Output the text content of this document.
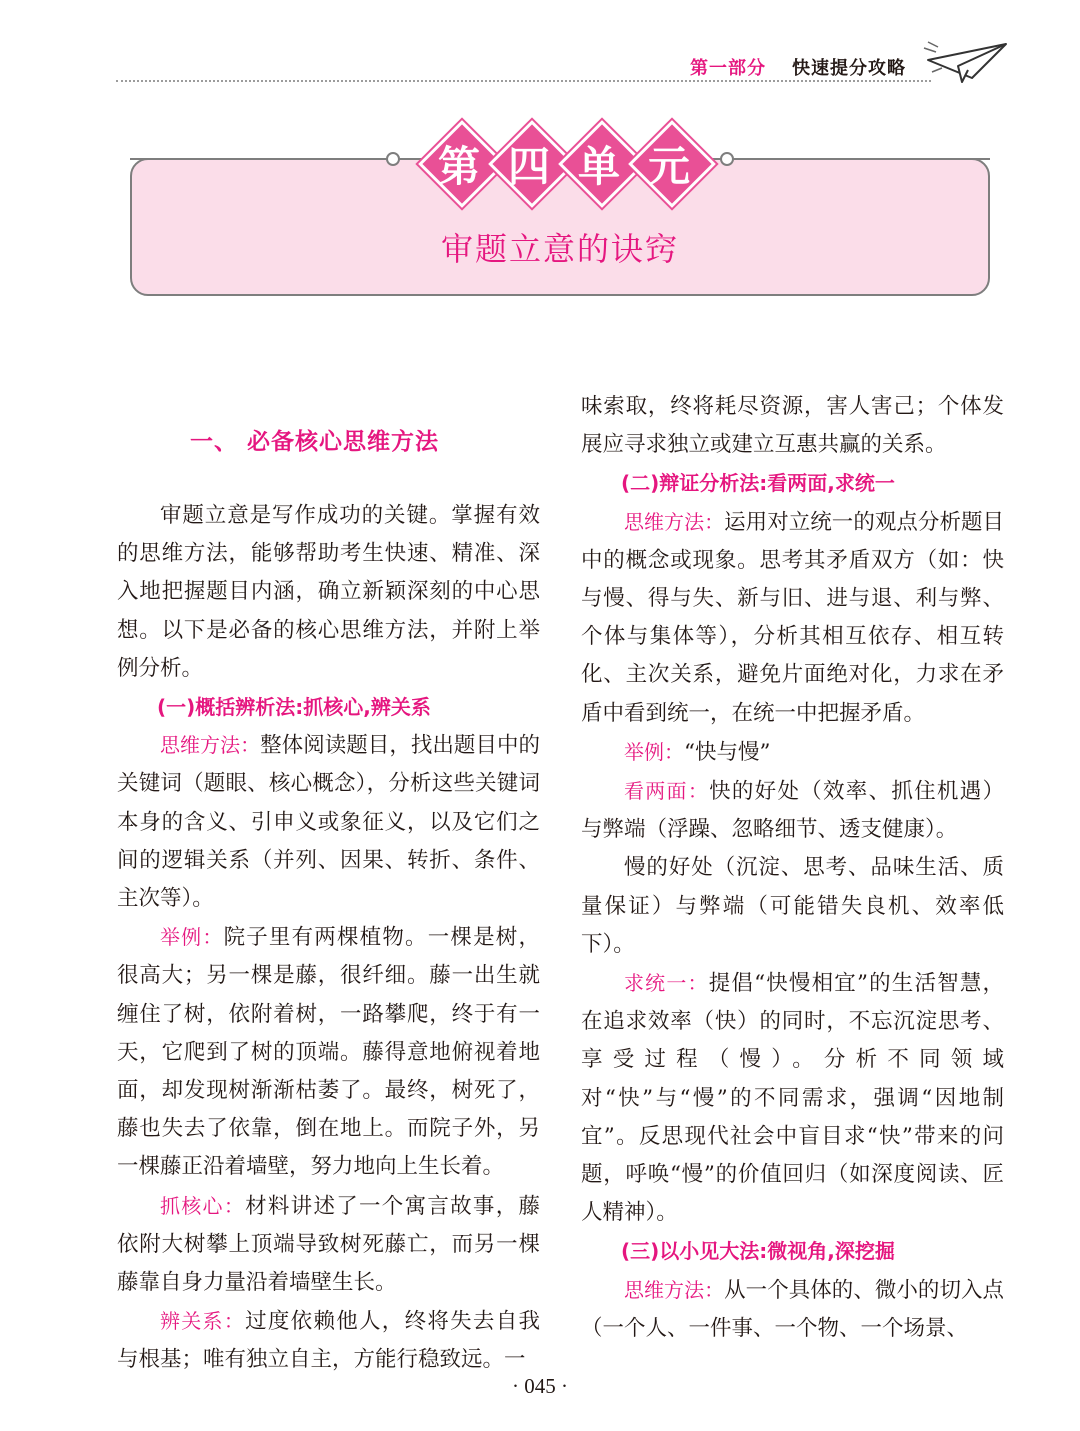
第一部分 快速提分攻略
第 四 单 元
审题立意的诀窍
一、 必备核心思维方法

审题立意是写作成功的关键。掌握有效的思维方法，能够帮助考生快速、精准、深入地把握题目内涵，确立新颖深刻的中心思想。以下是必备的核心思维方法，并附上举例分析。

(一)概括辨析法:抓核心,辨关系

思维方法：整体阅读题目，找出题目中的关键词（题眼、核心概念），分析这些关键词本身的含义、引申义或象征义，以及它们之间的逻辑关系（并列、因果、转折、条件、主次等）。

举例：院子里有两棵植物。一棵是树，很高大；另一棵是藤，很纤细。藤一出生就缠住了树，依附着树，一路攀爬，终于有一天，它爬到了树的顶端。藤得意地俯视着地面，却发现树渐渐枯萎了。最终，树死了，藤也失去了依靠，倒在地上。而院子外，另一棵藤正沿着墙壁，努力地向上生长着。

抓核心：材料讲述了一个寓言故事，藤依附大树攀上顶端导致树死藤亡，而另一棵藤靠自身力量沿着墙壁生长。

辨关系：过度依赖他人，终将失去自我与根基；唯有独立自主，方能行稳致远。一

味索取，终将耗尽资源，害人害己；个体发展应寻求独立或建立互惠共赢的关系。

(二)辩证分析法:看两面,求统一

思维方法：运用对立统一的观点分析题目中的概念或现象。思考其矛盾双方（如：快与慢、得与失、新与旧、进与退、利与弊、个体与集体等），分析其相互依存、相互转化、主次关系，避免片面绝对化，力求在矛盾中看到统一，在统一中把握矛盾。

举例：“快与慢”

看两面：快的好处（效率、抓住机遇）与弊端（浮躁、忽略细节、透支健康）。

慢的好处（沉淀、思考、品味生活、质量保证）与弊端（可能错失良机、效率低下）。

求统一：提倡“快慢相宜”的生活智慧，在追求效率（快）的同时，不忘沉淀思考、享受过程（慢）。分析不同领域对“快”与“慢”的不同需求，强调“因地制宜”。反思现代社会中盲目求“快”带来的问题，呼唤“慢”的价值回归（如深度阅读、匠人精神）。

(三)以小见大法:微视角,深挖掘

思维方法：从一个具体的、微小的切入点（一个人、一件事、一个物、一个场景、

· 045 ·
